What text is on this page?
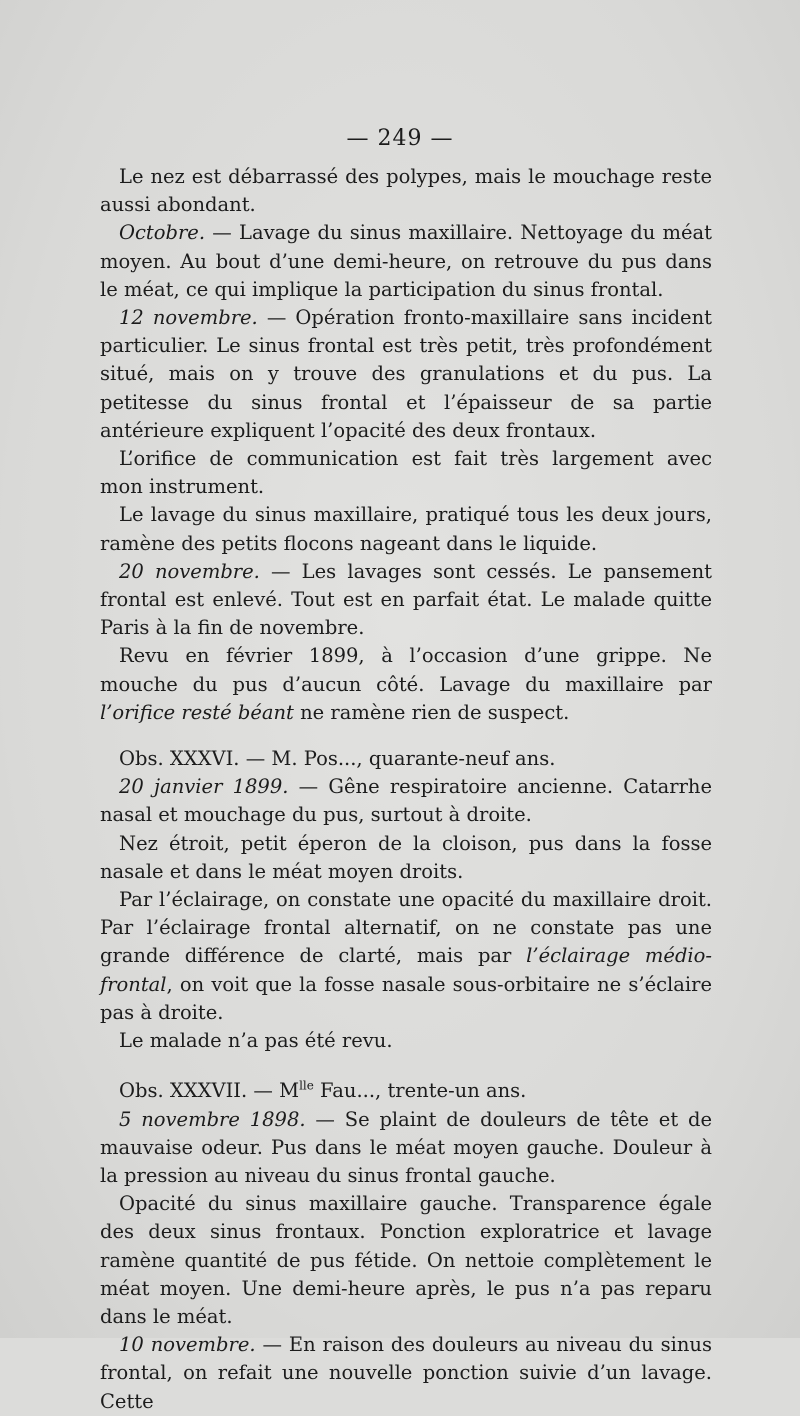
— 249 —

Le nez est débarrassé des polypes, mais le mouchage reste aussi abondant.

Octobre. — Lavage du sinus maxillaire. Nettoyage du méat moyen. Au bout d’une demi-heure, on retrouve du pus dans le méat, ce qui implique la participation du sinus frontal.

12 novembre. — Opération fronto-maxillaire sans incident particulier. Le sinus frontal est très petit, très profondément situé, mais on y trouve des granulations et du pus. La petitesse du sinus frontal et l’épaisseur de sa partie antérieure expliquent l’opacité des deux frontaux.

L’orifice de communication est fait très largement avec mon instrument.

Le lavage du sinus maxillaire, pratiqué tous les deux jours, ramène des petits flocons nageant dans le liquide.

20 novembre. — Les lavages sont cessés. Le pansement frontal est enlevé. Tout est en parfait état. Le malade quitte Paris à la fin de novembre.

Revu en février 1899, à l’occasion d’une grippe. Ne mouche du pus d’aucun côté. Lavage du maxillaire par l’orifice resté béant ne ramène rien de suspect.

Obs. XXXVI. — M. Pos..., quarante-neuf ans.

20 janvier 1899. — Gêne respiratoire ancienne. Catarrhe nasal et mouchage du pus, surtout à droite.

Nez étroit, petit éperon de la cloison, pus dans la fosse nasale et dans le méat moyen droits.

Par l’éclairage, on constate une opacité du maxillaire droit. Par l’éclairage frontal alternatif, on ne constate pas une grande différence de clarté, mais par l’éclairage médio-frontal, on voit que la fosse nasale sous-orbitaire ne s’éclaire pas à droite.

Le malade n’a pas été revu.

Obs. XXXVII. — $M^{lle}$ Fau..., trente-un ans.

5 novembre 1898. — Se plaint de douleurs de tête et de mauvaise odeur. Pus dans le méat moyen gauche. Douleur à la pression au niveau du sinus frontal gauche.

Opacité du sinus maxillaire gauche. Transparence égale des deux sinus frontaux. Ponction exploratrice et lavage ramène quantité de pus fétide. On nettoie complètement le méat moyen. Une demi-heure après, le pus n’a pas reparu dans le méat.

10 novembre. — En raison des douleurs au niveau du sinus frontal, on refait une nouvelle ponction suivie d’un lavage. Cette
